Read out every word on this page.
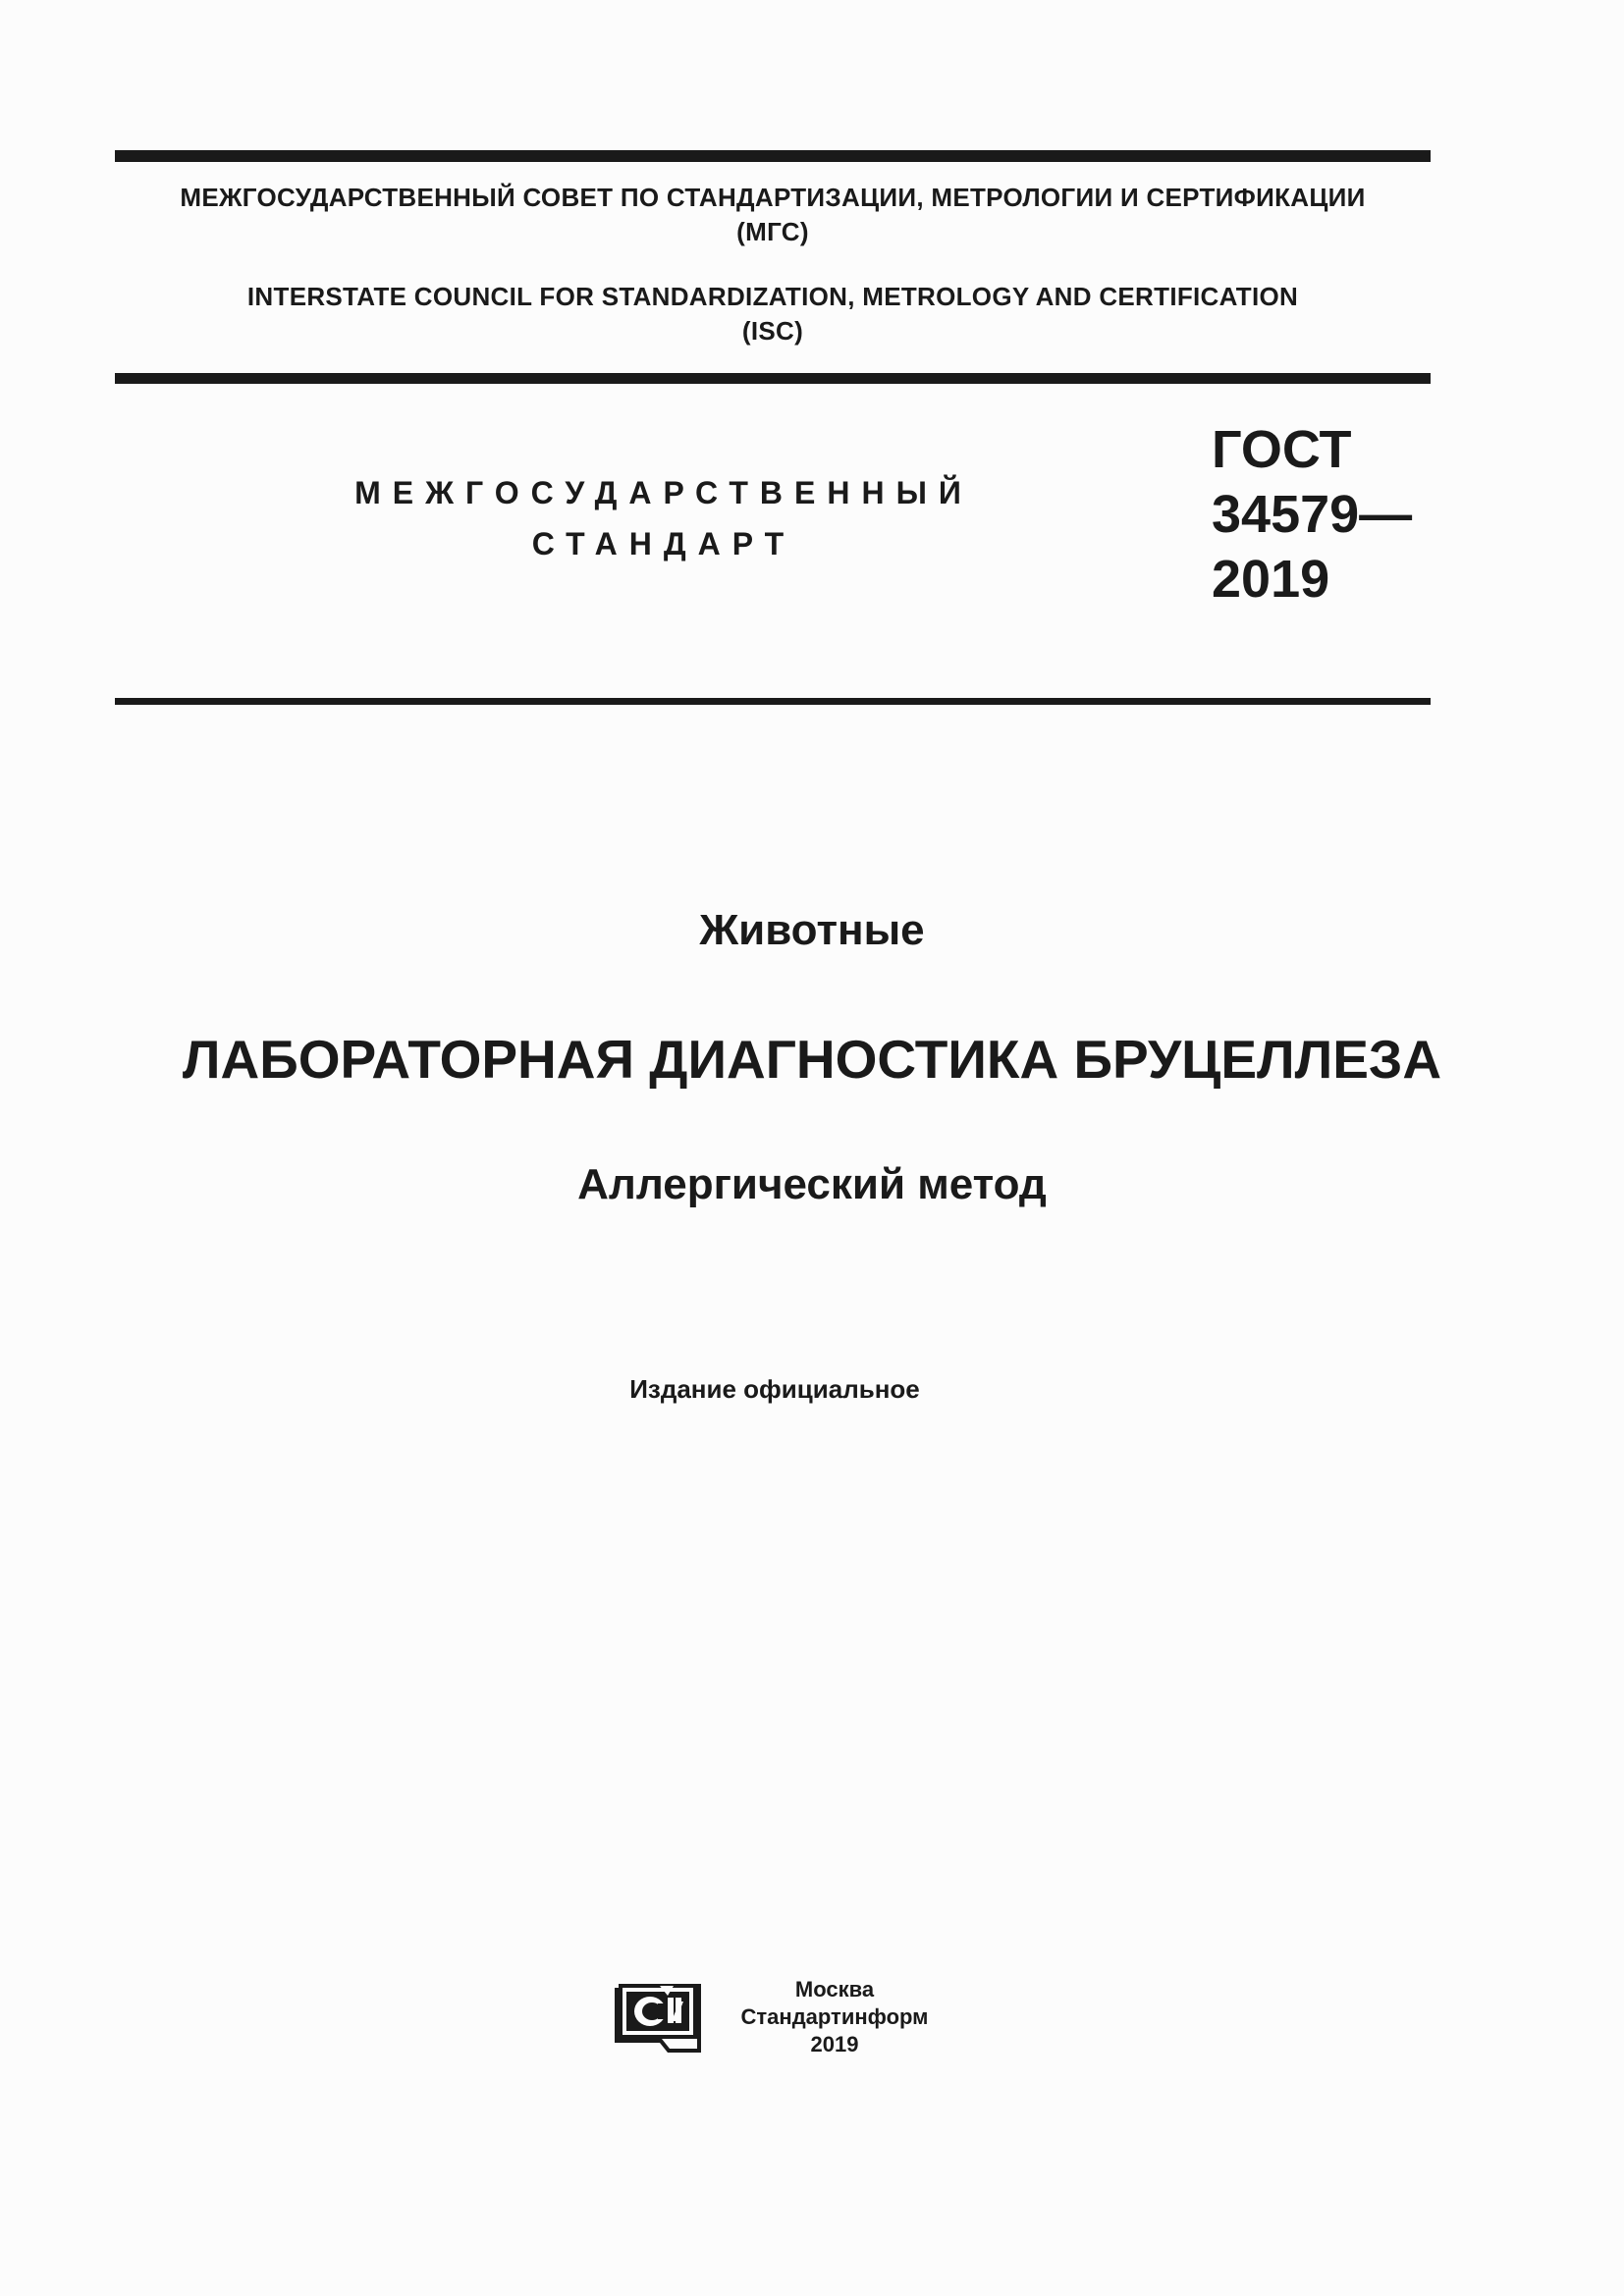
МЕЖГОСУДАРСТВЕННЫЙ СОВЕТ ПО СТАНДАРТИЗАЦИИ, МЕТРОЛОГИИ И СЕРТИФИКАЦИИ
(МГС)
INTERSTATE COUNCIL FOR STANDARDIZATION, METROLOGY AND CERTIFICATION
(ISC)
МЕЖГОСУДАРСТВЕННЫЙ
СТАНДАРТ
ГОСТ
34579—
2019
Животные
ЛАБОРАТОРНАЯ ДИАГНОСТИКА БРУЦЕЛЛЕЗА
Аллергический метод
Издание официальное
Москва
Стандартинформ
2019
